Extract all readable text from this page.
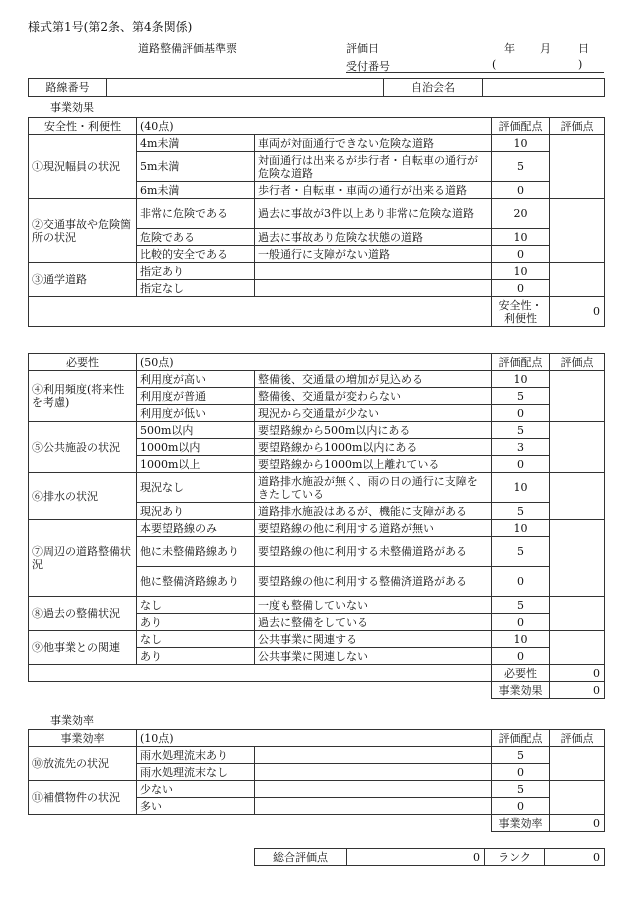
様式第1号(第2条、第4条関係)
道路整備評価基準票	評価日	年 月 日
受付番号	(	)
路線番号		自治会名	
事業効果
安全性・利便性	(40点)		評価配点	評価点
①現況幅員の状況	4m未満	車両が対面通行できない危険な道路	10	
	5m未満	対面通行は出来るが歩行者・自転車の通行が危険な道路	5	
	6m未満	歩行者・自転車・車両の通行が出来る道路	0	
②交通事故や危険箇所の状況	非常に危険である	過去に事故が3件以上あり非常に危険な道路	20	
	危険である	過去に事故あり危険な状態の道路	10	
	比較的安全である	一般通行に支障がない道路	0	
③通学道路	指定あり		10	
	指定なし		0	
			安全性・利便性	0
必要性	(50点)		評価配点	評価点
④利用頻度(将来性を考慮)	利用度が高い	整備後、交通量の増加が見込める	10	
	利用度が普通	整備後、交通量が変わらない	5	
	利用度が低い	現況から交通量が少ない	0	
⑤公共施設の状況	500m以内	要望路線から500m以内にある	5	
	1000m以内	要望路線から1000m以内にある	3	
	1000m以上	要望路線から1000m以上離れている	0	
⑥排水の状況	現況なし	道路排水施設が無く、雨の日の通行に支障をきたしている	10	
	現況あり	道路排水施設はあるが、機能に支障がある	5	
⑦周辺の道路整備状況	本要望路線のみ	要望路線の他に利用する道路が無い	10	
	他に未整備路線あり	要望路線の他に利用する未整備道路がある	5	
	他に整備済路線あり	要望路線の他に利用する整備済道路がある	0	
⑧過去の整備状況	なし	一度も整備していない	5	
	あり	過去に整備をしている	0	
⑨他事業との関連	なし	公共事業に関連する	10	
	あり	公共事業に関連しない	0	
			必要性	0
			事業効果	0
事業効率
事業効率	(10点)		評価配点	評価点
⑩放流先の状況	雨水処理流末あり		5	
	雨水処理流末なし		0	
⑪補償物件の状況	少ない		5	
	多い		0	
			事業効率	0
総合評価点	0	ランク	0
